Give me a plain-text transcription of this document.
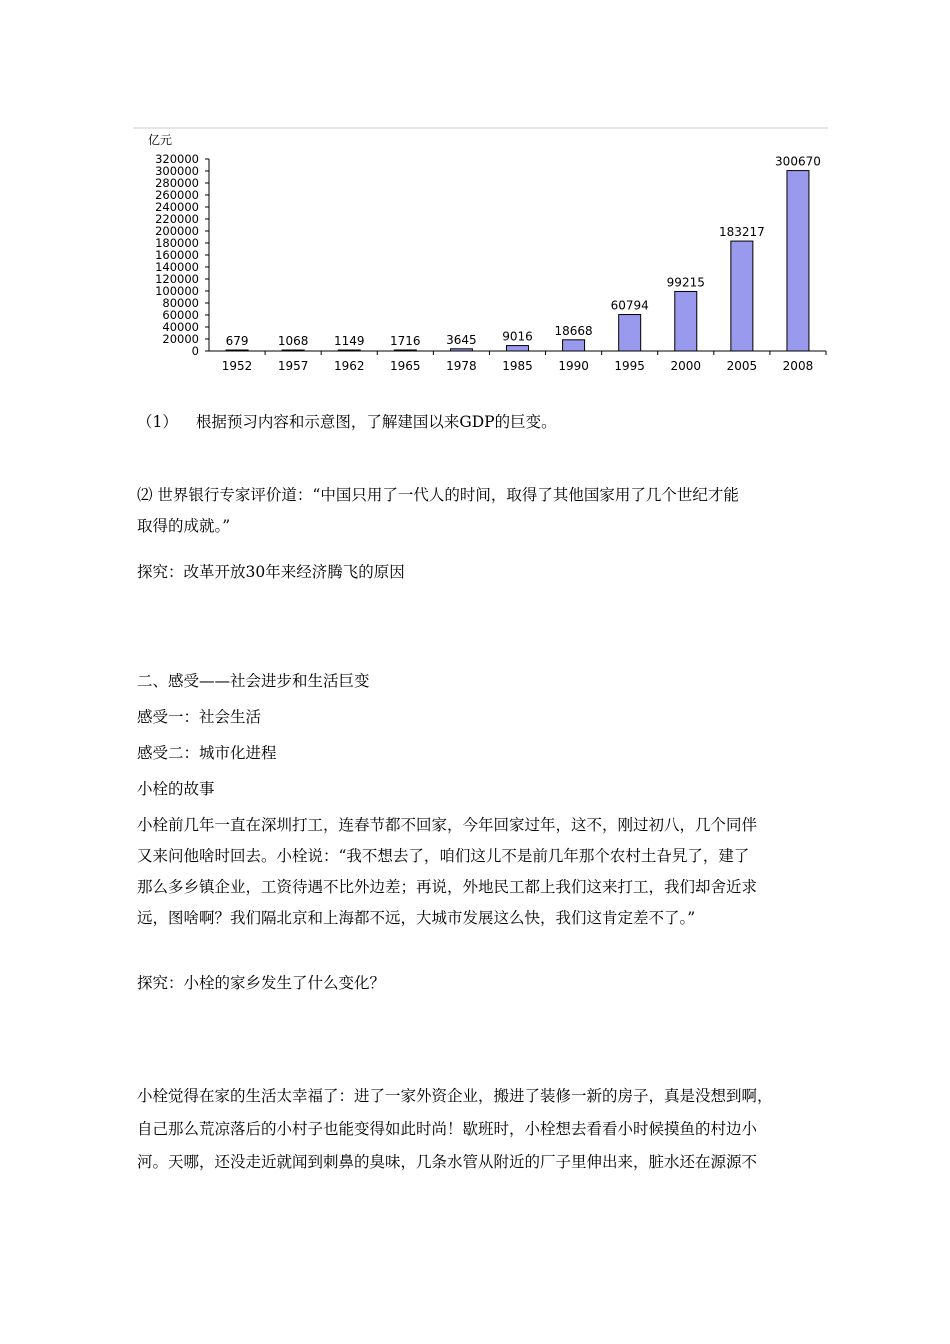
亿元
0
20000
40000
60000
80000
100000
120000
140000
160000
180000
200000
220000
240000
260000
280000
300000
320000
679 1068 1149 1716 3645 9016 18668
60794
99215
183217
300670
1952 1957 1962 1965 1978 1985 1990 1995 2000 2005 2008

（1） 根据预习内容和示意图，了解建国以来GDP的巨变。

⑵ 世界银行专家评价道：“中国只用了一代人的时间，取得了其他国家用了几个世纪才能
取得的成就。”

探究：改革开放30年来经济腾飞的原因

二、感受——社会进步和生活巨变

感受一：社会生活

感受二：城市化进程

小栓的故事

小栓前几年一直在深圳打工，连春节都不回家，今年回家过年，这不，刚过初八，几个同伴
又来问他啥时回去。小栓说：“我不想去了，咱们这儿不是前几年那个农村土旮旯了，建了
那么多乡镇企业，工资待遇不比外边差；再说，外地民工都上我们这来打工，我们却舍近求
远，图啥啊？我们隔北京和上海都不远，大城市发展这么快，我们这肯定差不了。”

探究：小栓的家乡发生了什么变化？

小栓觉得在家的生活太幸福了：进了一家外资企业，搬进了装修一新的房子，真是没想到啊，
自己那么荒凉落后的小村子也能变得如此时尚！歇班时，小栓想去看看小时候摸鱼的村边小
河。天哪，还没走近就闻到刺鼻的臭味，几条水管从附近的厂子里伸出来，脏水还在源源不
